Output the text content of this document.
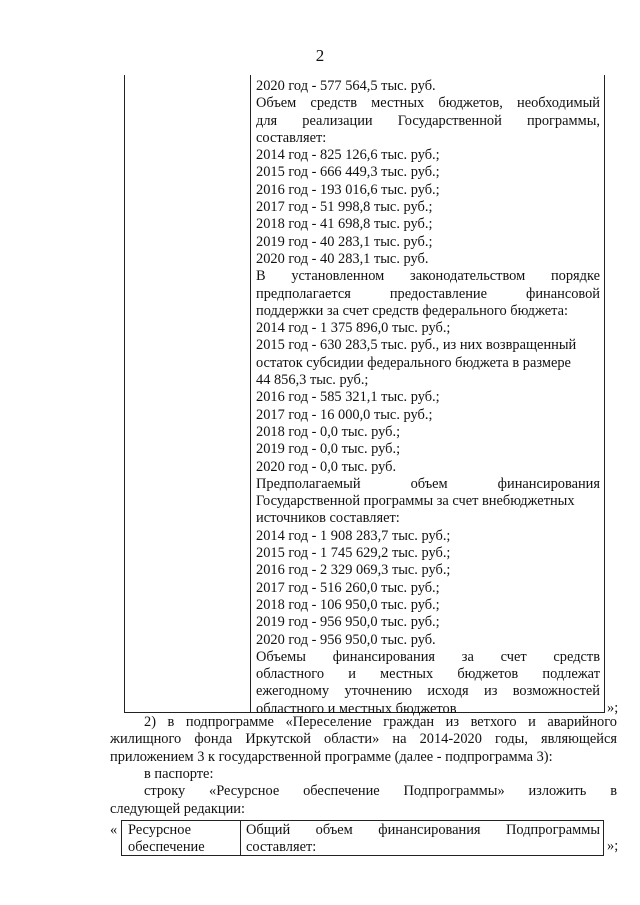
2
2020 год - 577 564,5 тыс. руб.
Объем средств местных бюджетов, необходимый
для реализации Государственной программы,
составляет:
2014 год - 825 126,6 тыс. руб.;
2015 год - 666 449,3 тыс. руб.;
2016 год - 193 016,6 тыс. руб.;
2017 год - 51 998,8 тыс. руб.;
2018 год - 41 698,8 тыс. руб.;
2019 год - 40 283,1 тыс. руб.;
2020 год - 40 283,1 тыс. руб.
В установленном законодательством порядке
предполагается предоставление финансовой
поддержки за счет средств федерального бюджета:
2014 год - 1 375 896,0 тыс. руб.;
2015 год - 630 283,5 тыс. руб., из них возвращенный
остаток субсидии федерального бюджета в размере
44 856,3 тыс. руб.;
2016 год - 585 321,1 тыс. руб.;
2017 год - 16 000,0 тыс. руб.;
2018 год - 0,0 тыс. руб.;
2019 год - 0,0 тыс. руб.;
2020 год - 0,0 тыс. руб.
Предполагаемый объем финансирования
Государственной программы за счет внебюджетных
источников составляет:
2014 год - 1 908 283,7 тыс. руб.;
2015 год - 1 745 629,2 тыс. руб.;
2016 год - 2 329 069,3 тыс. руб.;
2017 год - 516 260,0 тыс. руб.;
2018 год - 106 950,0 тыс. руб.;
2019 год - 956 950,0 тыс. руб.;
2020 год - 956 950,0 тыс. руб.
Объемы финансирования за счет средств
областного и местных бюджетов подлежат
ежегодному уточнению исходя из возможностей
областного и местных бюджетов	»;
2) в подпрограмме «Переселение граждан из ветхого и аварийного
жилищного фонда Иркутской области» на 2014-2020 годы, являющейся
приложением 3 к государственной программе (далее - подпрограмма 3):
в паспорте:
строку «Ресурсное обеспечение Подпрограммы» изложить в
следующей редакции:
« Ресурсное
обеспечение
Общий объем финансирования Подпрограммы
составляет:	»;
